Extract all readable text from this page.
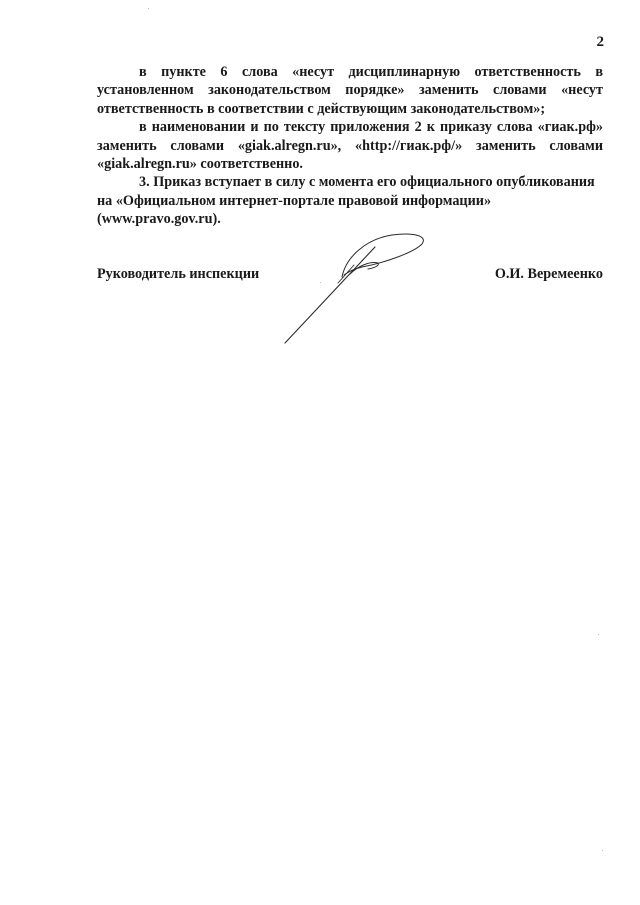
2

в пункте 6 слова «несут дисциплинарную ответственность в установленном законодательством порядке» заменить словами «несут ответственность в соответствии с действующим законодательством»;

в наименовании и по тексту приложения 2 к приказу слова «гиак.рф» заменить словами «giak.alregn.ru», «http://гиак.рф/» заменить словами «giak.alregn.ru» соответственно.

3. Приказ вступает в силу с момента его официального опубликования на «Официальном интернет-портале правовой информации» (www.pravo.gov.ru).

Руководитель инспекции	О.И. Веремеенко
